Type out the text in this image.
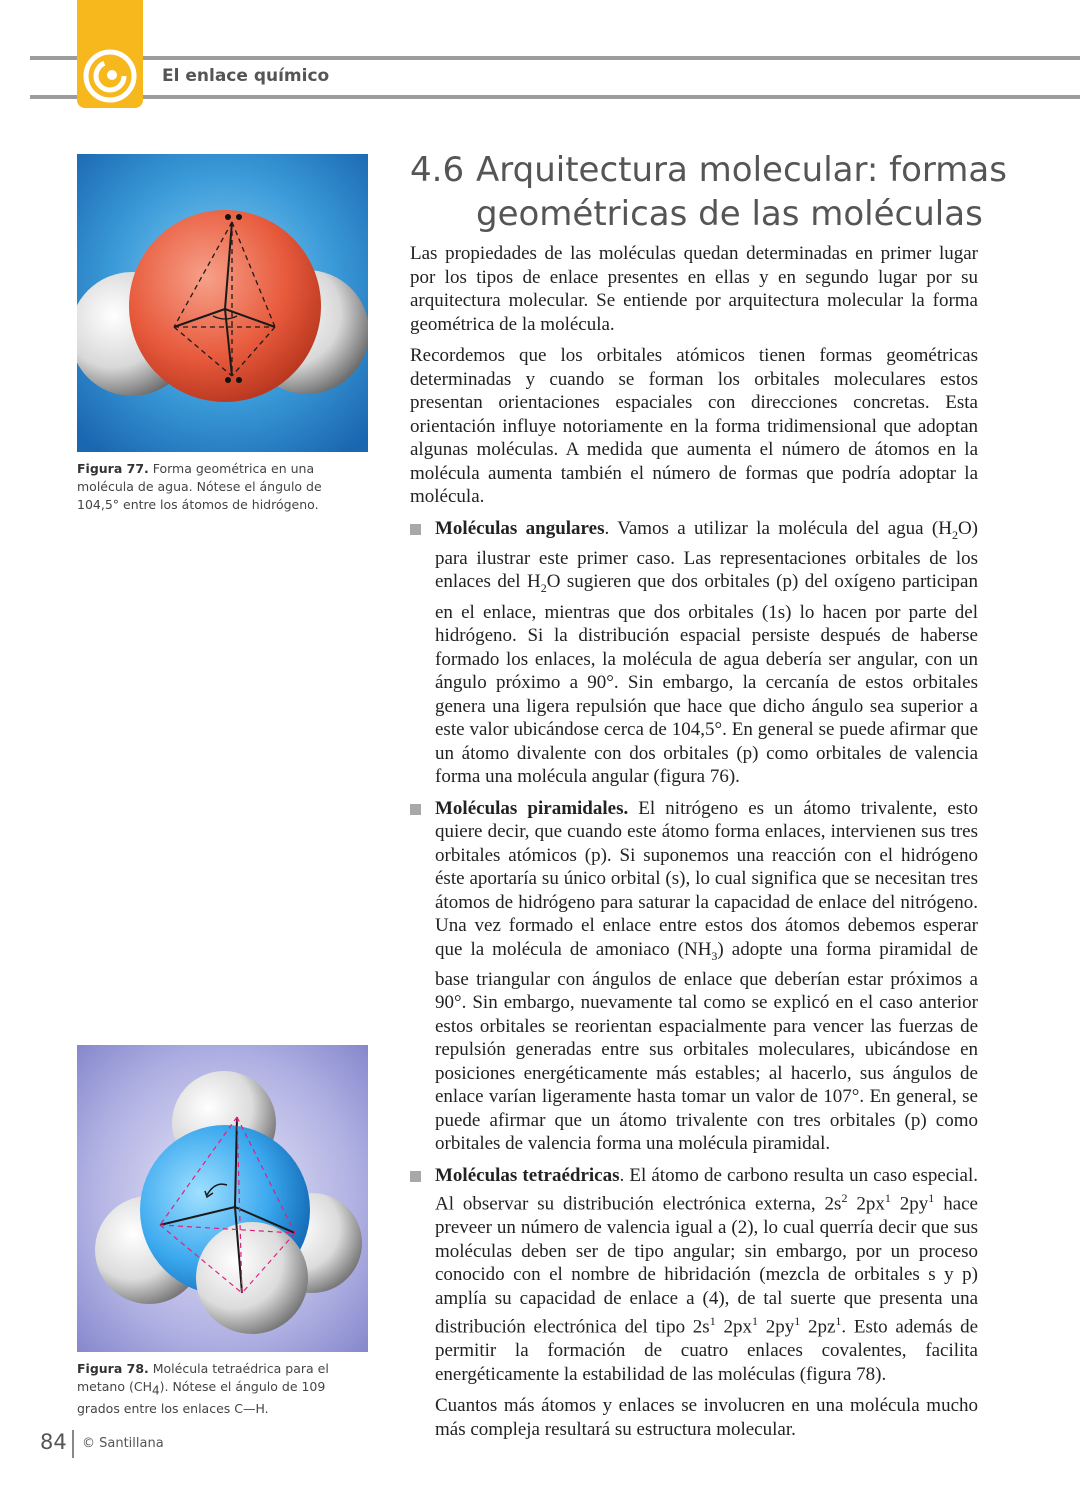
El enlace químico
Figura 77. Forma geométrica en una molécula de agua. Nótese el ángulo de 104,5° entre los átomos de hidrógeno.
Figura 78. Molécula tetraédrica para el metano $(CH_4)$. Nótese el ángulo de 109 grados entre los enlaces C—H.
4.6 Arquitectura molecular: formas
geométricas de las moléculas

Las propiedades de las moléculas quedan determinadas en primer lugar por los tipos de enlace presentes en ellas y en segundo lugar por su arquitectura molecular. Se entiende por arquitectura molecular la forma geométrica de la molécula.

Recordemos que los orbitales atómicos tienen formas geométricas determinadas y cuando se forman los orbitales moleculares estos presentan orientaciones espaciales con direcciones concretas. Esta orientación influye notoriamente en la forma tridimensional que adoptan algunas moléculas. A medida que aumenta el número de átomos en la molécula aumenta también el número de formas que podría adoptar la molécula.

Moléculas angulares. Vamos a utilizar la molécula del agua $(H_2O)$ para ilustrar este primer caso. Las representaciones orbitales de los enlaces del $H_2O$ sugieren que dos orbitales (p) del oxígeno participan en el enlace, mientras que dos orbitales (1s) lo hacen por parte del hidrógeno. Si la distribución espacial persiste después de haberse formado los enlaces, la molécula de agua debería ser angular, con un ángulo próximo a 90°. Sin embargo, la cercanía de estos orbitales genera una ligera repulsión que hace que dicho ángulo sea superior a este valor ubicándose cerca de 104,5°. En general se puede afirmar que un átomo divalente con dos orbitales (p) como orbitales de valencia forma una molécula angular (figura 76).
Moléculas piramidales. El nitrógeno es un átomo trivalente, esto quiere decir, que cuando este átomo forma enlaces, intervienen sus tres orbitales atómicos (p). Si suponemos una reacción con el hidrógeno éste aportaría su único orbital (s), lo cual significa que se necesitan tres átomos de hidrógeno para saturar la capacidad de enlace del nitrógeno. Una vez formado el enlace entre estos dos átomos debemos esperar que la molécula de amoniaco $(NH_3)$ adopte una forma piramidal de base triangular con ángulos de enlace que deberían estar próximos a 90°. Sin embargo, nuevamente tal como se explicó en el caso anterior estos orbitales se reorientan espacialmente para vencer las fuerzas de repulsión generadas entre sus orbitales moleculares, ubicándose en posiciones energéticamente más estables; al hacerlo, sus ángulos de enlace varían ligeramente hasta tomar un valor de 107°. En general, se puede afirmar que un átomo trivalente con tres orbitales (p) como orbitales de valencia forma una molécula piramidal.
Moléculas tetraédricas. El átomo de carbono resulta un caso especial. Al observar su distribución electrónica externa, $2s^2$ $2px^1$ $2py^1$ hace preveer un número de valencia igual a (2), lo cual querría decir que sus moléculas deben ser de tipo angular; sin embargo, por un proceso conocido con el nombre de hibridación (mezcla de orbitales s y p) amplía su capacidad de enlace a (4), de tal suerte que presenta una distribución electrónica del tipo $2s^1$ $2px^1$ $2py^1$ $2pz^1$. Esto además de permitir la formación de cuatro enlaces covalentes, facilita energéticamente la estabilidad de las moléculas (figura 78).

Cuantos más átomos y enlaces se involucren en una molécula mucho más compleja resultará su estructura molecular.

84 © Santillana
